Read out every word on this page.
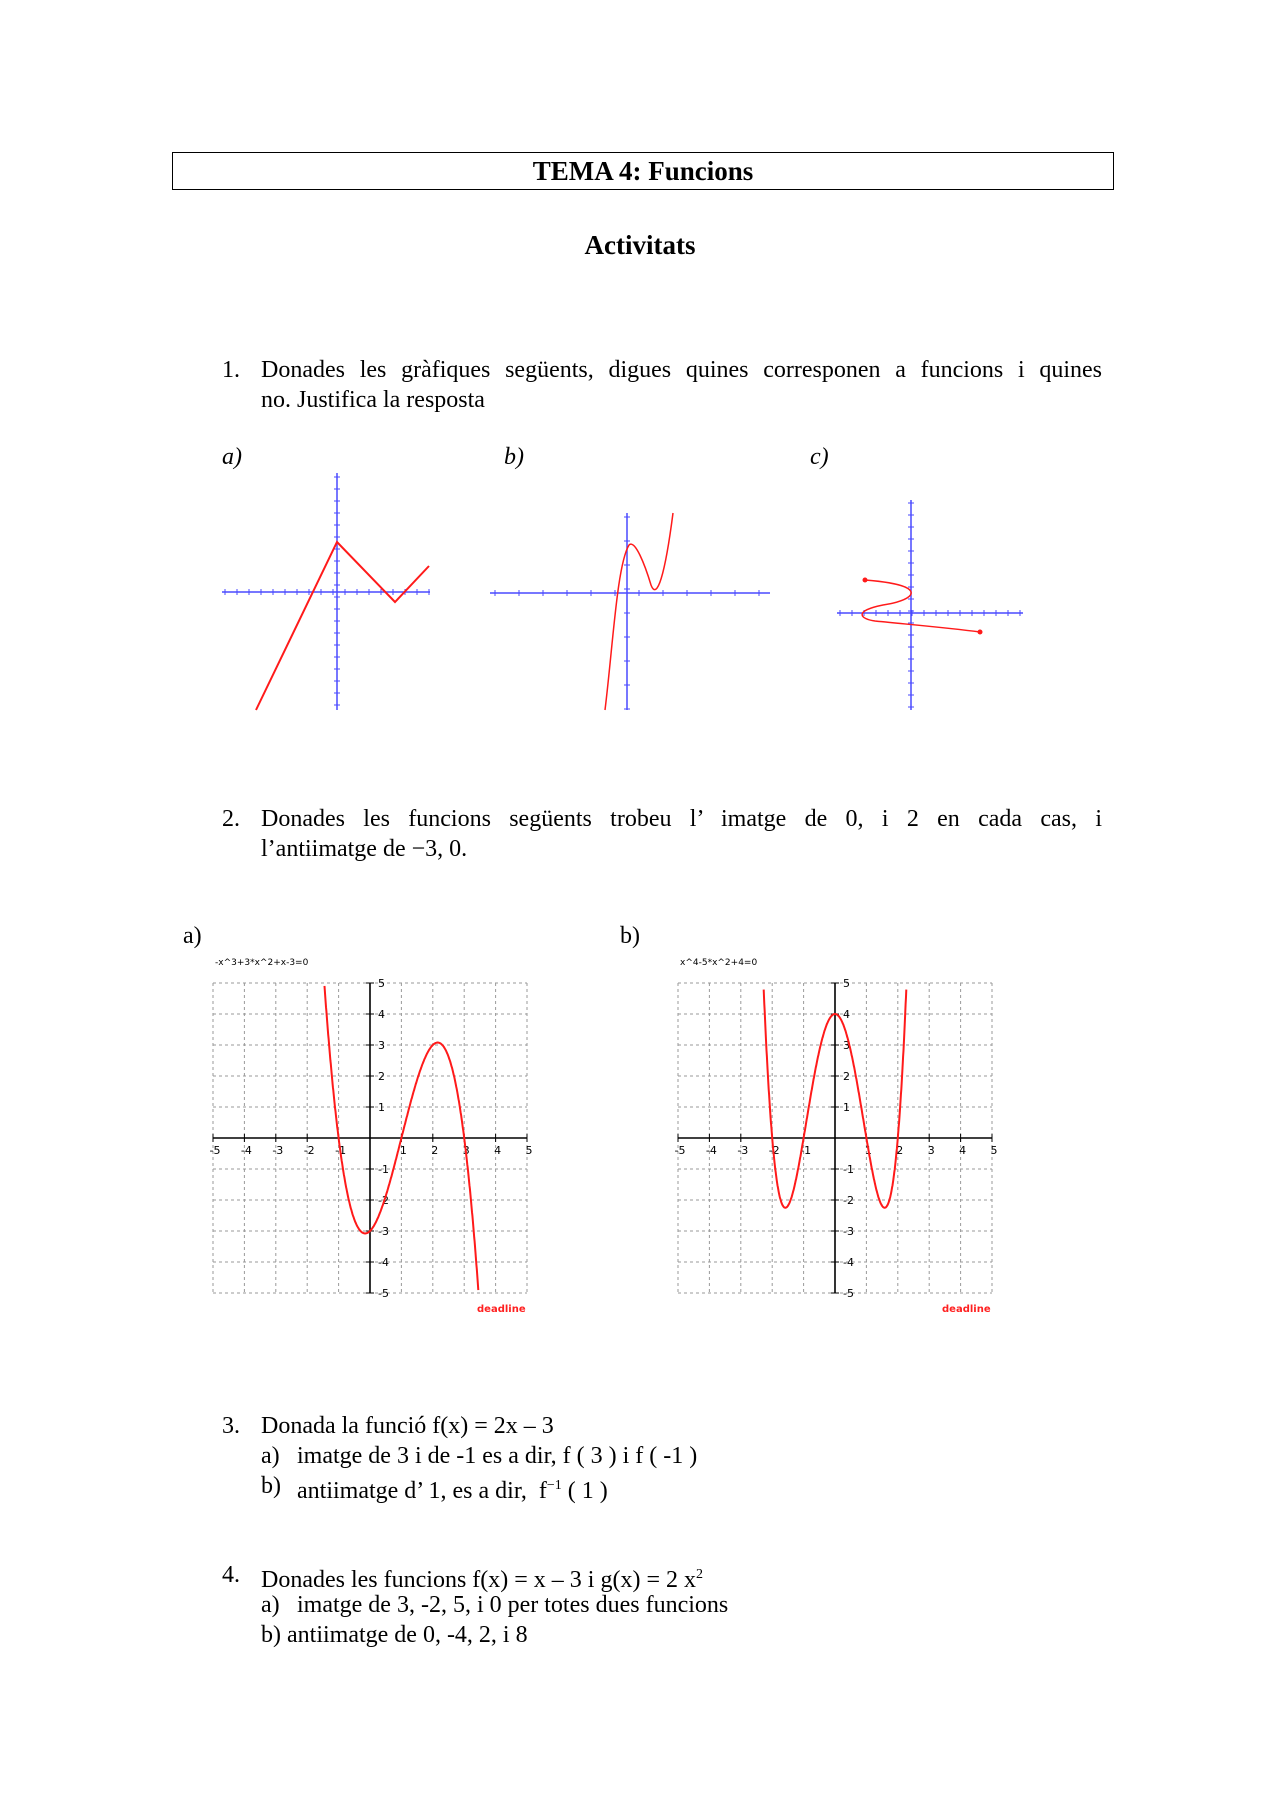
TEMA 4: Funcions
Activitats
1. Donades les gràfiques següents, digues quines corresponen a funcions i quines
no. Justifica la resposta
a)	b)	c)
2. Donades les funcions següents trobeu l’ imatge de 0, i 2 en cada cas, i
l’antiimatge de −3, 0.
a)	b)
-x^3+3*x^2+x-3=0
-5 -4 -3 -2 -1	1 2 3 4 5
5
4
3
2
1
-1
-2
-3
-4
-5
deadline
x^4-5*x^2+4=0
-5 -4 -3 -2 -1	1 2 3 4 5
5
4
3
2
1
-1
-2
-3
-4
-5
deadline
3. Donada la funció f(x) = 2x – 3
a) imatge de 3 i de -1 es a dir, f ( 3 ) i f ( -1 )
b) antiimatge d’ 1, es a dir,  $f^{-1}$ ( 1 )
4. Donades les funcions f(x) = x – 3 i g(x) = 2 $x^2$
a) imatge de 3, -2, 5, i 0 per totes dues funcions
b) antiimatge de 0, -4, 2, i 8
